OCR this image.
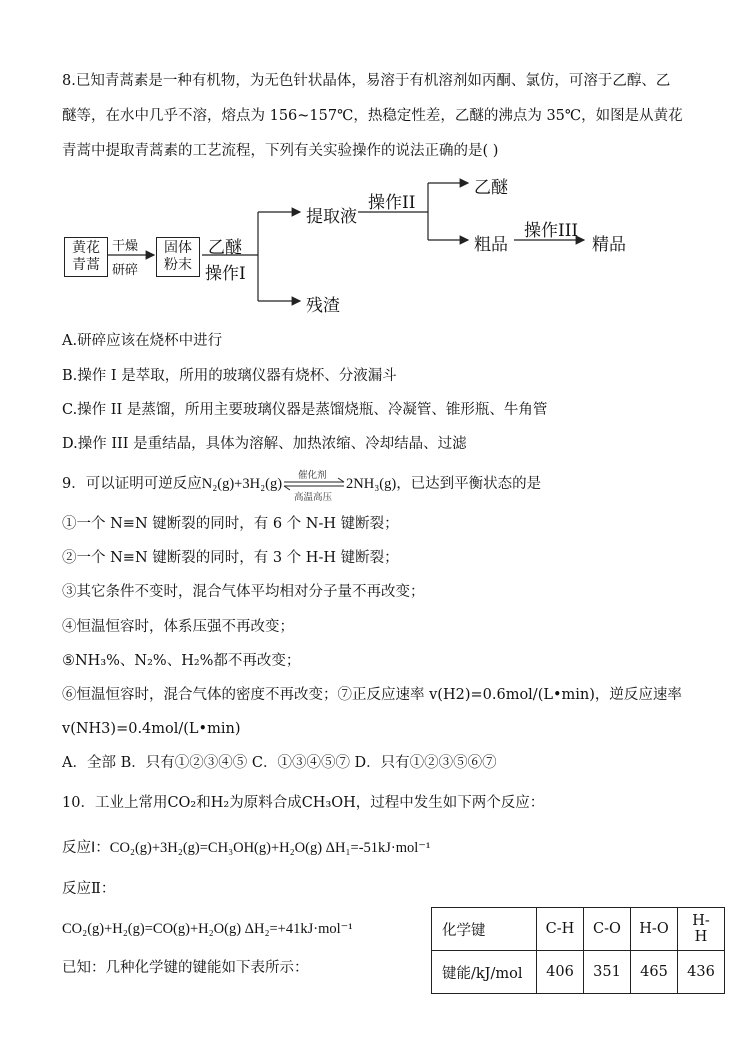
8.已知青蒿素是一种有机物，为无色针状晶体，易溶于有机溶剂如丙酮、氯仿，可溶于乙醇、乙
醚等，在水中几乎不溶，熔点为 156~157℃，热稳定性差，乙醚的沸点为 35℃，如图是从黄花
青蒿中提取青蒿素的工艺流程，下列有关实验操作的说法正确的是( )
黄花青蒿
干燥
研碎
固体粉末
乙醚
操作I
提取液
操作II
乙醚
粗品
操作III
精品
残渣
A.研碎应该在烧杯中进行
B.操作 I 是萃取，所用的玻璃仪器有烧杯、分液漏斗
C.操作 II 是蒸馏，所用主要玻璃仪器是蒸馏烧瓶、冷凝管、锥形瓶、牛角管
D.操作 III 是重结晶，具体为溶解、加热浓缩、冷却结晶、过滤
9．可以证明可逆反应N₂(g)+3H₂(g)
催化剂
高温高压
2NH₃(g)，已达到平衡状态的是
①一个 N≡N 键断裂的同时，有 6 个 N-H 键断裂；
②一个 N≡N 键断裂的同时，有 3 个 H-H 键断裂；
③其它条件不变时，混合气体平均相对分子量不再改变；
④恒温恒容时，体系压强不再改变；
⑤NH₃%、N₂%、H₂%都不再改变；
⑥恒温恒容时，混合气体的密度不再改变；⑦正反应速率 v(H2)=0.6mol/(L•min)，逆反应速率
v(NH3)=0.4mol/(L•min)
A．全部 B．只有①②③④⑤ C．①③④⑤⑦ D．只有①②③⑤⑥⑦
10．工业上常用CO₂和H₂为原料合成CH₃OH，过程中发生如下两个反应：
反应Ⅰ：CO₂(g)+3H₂(g)=CH₃OH(g)+H₂O(g) ΔH₁=-51kJ·mol⁻¹
反应Ⅱ：
CO₂(g)+H₂(g)=CO(g)+H₂O(g) ΔH₂=+41kJ·mol⁻¹
已知：几种化学键的键能如下表所示：
化学键	C-H	C-O	H-O	H-H
键能/kJ/mol	406	351	465	436
